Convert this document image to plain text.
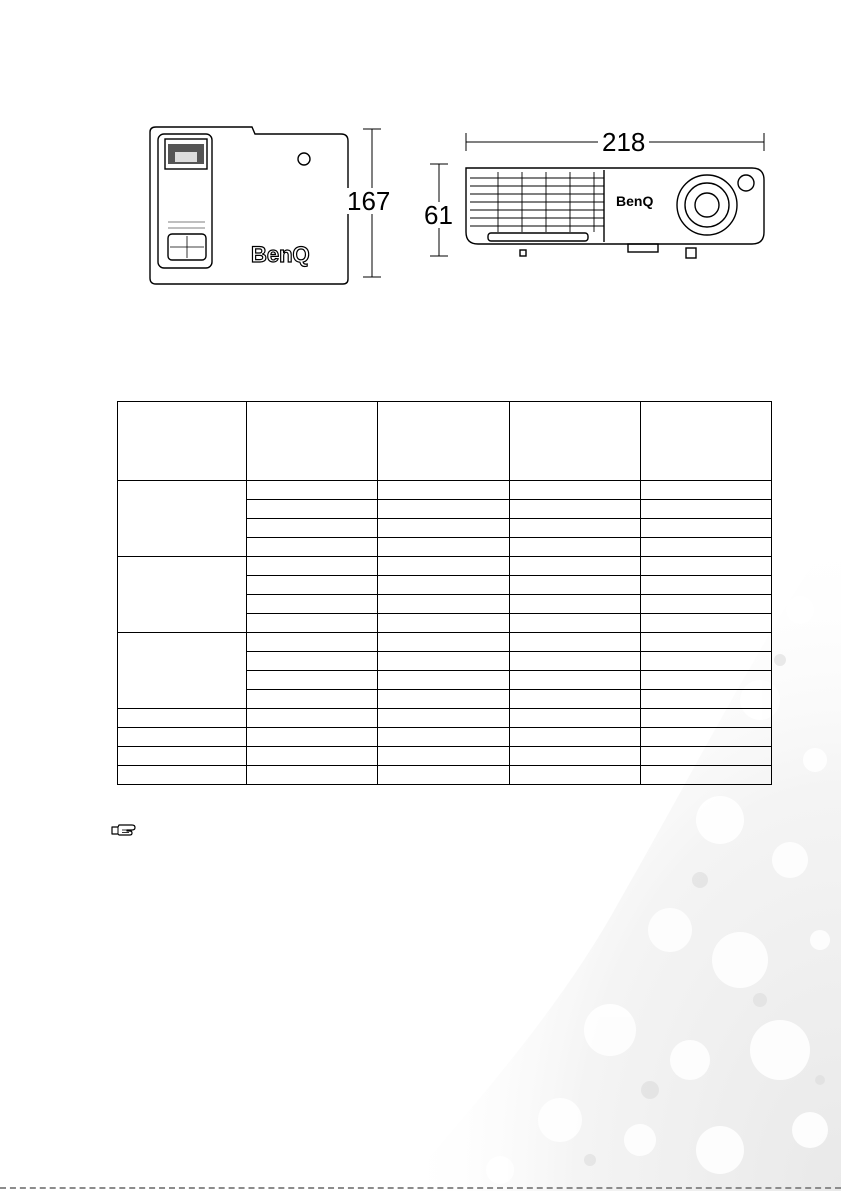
BenQ
BenQ
167 61
218
